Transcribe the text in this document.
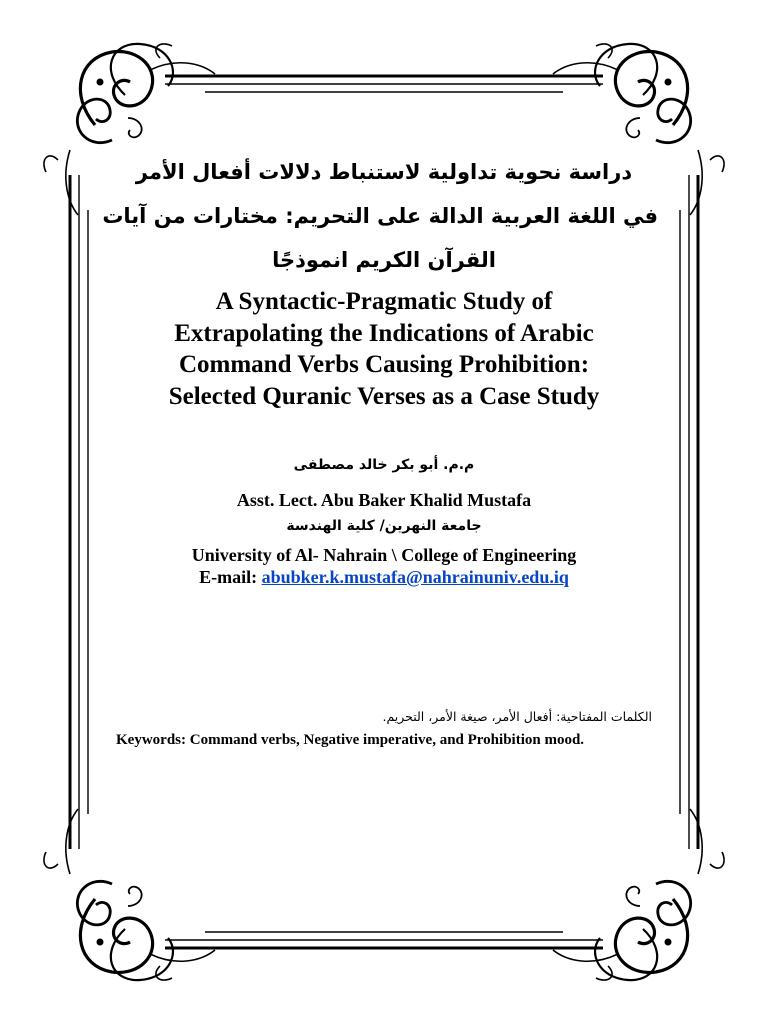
دراسة نحوية تداولية لاستنباط دلالات أفعال الأمر
في اللغة العربية الدالة على التحريم: مختارات من آيات
القرآن الكريم انموذجًا
A Syntactic-Pragmatic Study of
Extrapolating the Indications of Arabic
Command Verbs Causing Prohibition:
Selected Quranic Verses as a Case Study
م.م. أبو بكر خالد مصطفى
Asst. Lect. Abu Baker Khalid Mustafa
جامعة النهرين/ كلية الهندسة
University of Al- Nahrain \ College of Engineering
E-mail: abubker.k.mustafa@nahrainuniv.edu.iq
الكلمات المفتاحية: أفعال الأمر، صيغة الأمر، التحريم.
Keywords: Command verbs, Negative imperative, and Prohibition mood.
